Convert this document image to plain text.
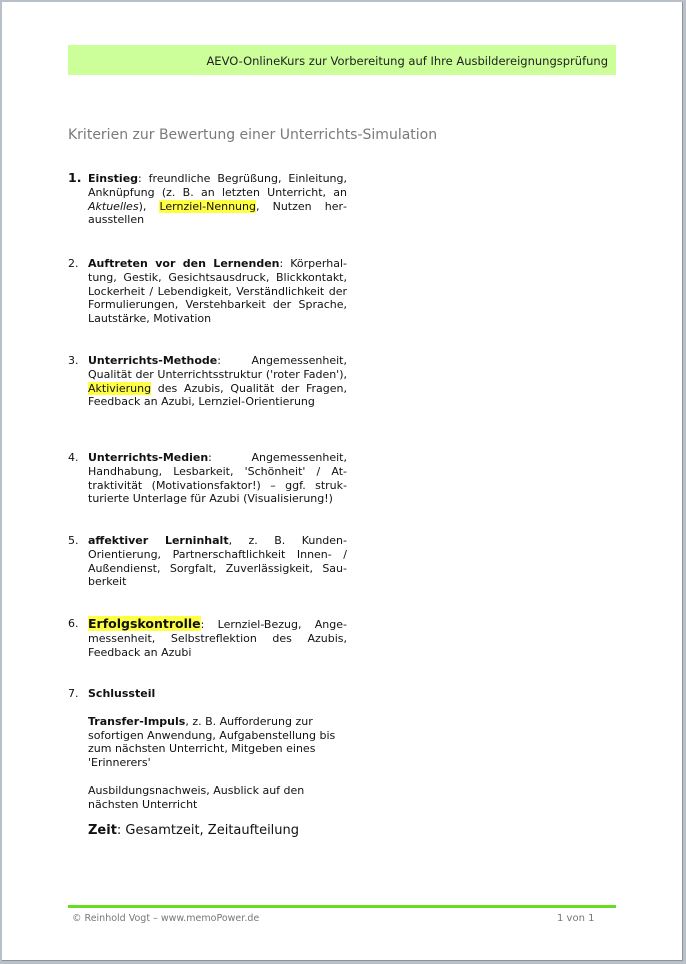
AEVO-OnlineKurs zur Vorbereitung auf Ihre Ausbildereignungsprüfung
Kriterien zur Bewertung einer Unterrichts-Simulation
1. Einstieg: freundliche Begrüßung, Einleitung, Anknüpfung (z. B. an letzten Unterricht, an Aktuelles), Lernziel-Nennung, Nutzen herausstellen
2. Auftreten vor den Lernenden: Körperhaltung, Gestik, Gesichtsausdruck, Blickkontakt, Lockerheit / Lebendigkeit, Verständlichkeit der Formulierungen, Verstehbarkeit der Sprache, Lautstärke, Motivation
3. Unterrichts-Methode: Angemessenheit, Qualität der Unterrichtsstruktur ('roter Faden'), Aktivierung des Azubis, Qualität der Fragen, Feedback an Azubi, Lernziel-Orientierung
4. Unterrichts-Medien: Angemessenheit, Handhabung, Lesbarkeit, 'Schönheit' / Attraktivität (Motivationsfaktor!) – ggf. strukturierte Unterlage für Azubi (Visualisierung!)
5. affektiver Lerninhalt, z. B. Kunden-Orientierung, Partnerschaftlichkeit Innen- / Außendienst, Sorgfalt, Zuverlässigkeit, Sauberkeit
6. Erfolgskontrolle: Lernziel-Bezug, Angemessenheit, Selbstreflektion des Azubis, Feedback an Azubi
7. Schlussteil
Transfer-Impuls, z. B. Aufforderung zur sofortigen Anwendung, Aufgabenstellung bis zum nächsten Unterricht, Mitgeben eines 'Erinnerers'
Ausbildungsnachweis, Ausblick auf den nächsten Unterricht
Zeit: Gesamtzeit, Zeitaufteilung
© Reinhold Vogt – www.memoPower.de	1 von 1
